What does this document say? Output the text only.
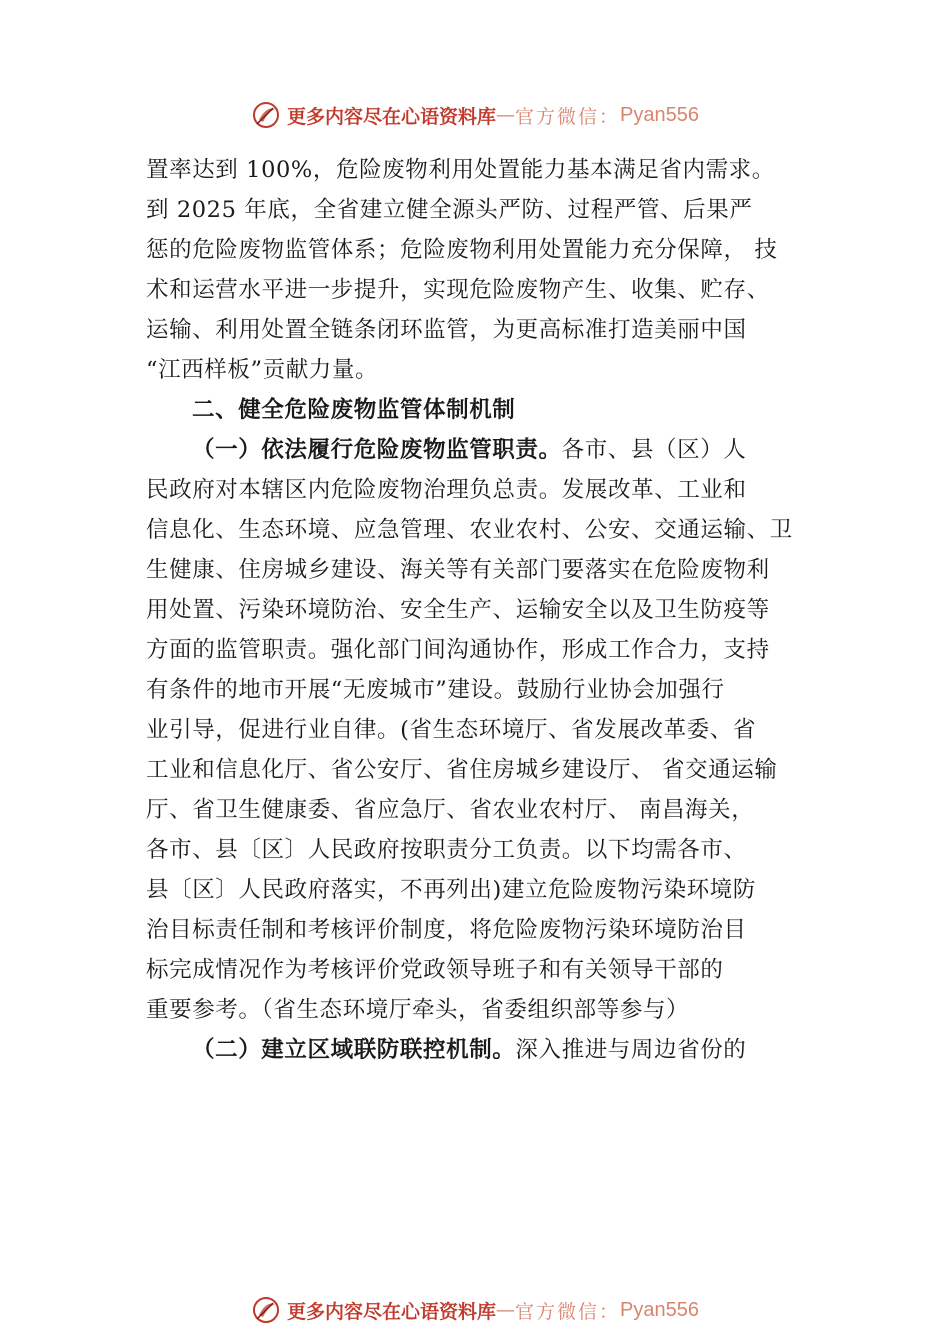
更多内容尽在心语资料库 — 官方微信： Pyan556
置率达到 100%，危险废物利用处置能力基本满足省内需求。
到 2025 年底，全省建立健全源头严防、过程严管、后果严
惩的危险废物监管体系；危险废物利用处置能力充分保障， 技
术和运营水平进一步提升，实现危险废物产生、收集、贮存、
运输、利用处置全链条闭环监管，为更高标准打造美丽中国
“江西样板”贡献力量。
二、健全危险废物监管体制机制
（一）依法履行危险废物监管职责。各市、县（区）人
民政府对本辖区内危险废物治理负总责。发展改革、工业和
信息化、生态环境、应急管理、农业农村、公安、交通运输、卫
生健康、住房城乡建设、海关等有关部门要落实在危险废物利
用处置、污染环境防治、安全生产、运输安全以及卫生防疫等
方面的监管职责。强化部门间沟通协作，形成工作合力，支持
有条件的地市开展“无废城市”建设。鼓励行业协会加强行
业引导，促进行业自律。(省生态环境厅、省发展改革委、省
工业和信息化厅、省公安厅、省住房城乡建设厅、 省交通运输
厅、省卫生健康委、省应急厅、省农业农村厅、 南昌海关，
各市、县〔区〕人民政府按职责分工负责。以下均需各市、
县〔区〕人民政府落实，不再列出)建立危险废物污染环境防
治目标责任制和考核评价制度，将危险废物污染环境防治目
标完成情况作为考核评价党政领导班子和有关领导干部的
重要参考。（省生态环境厅牵头，省委组织部等参与）
（二）建立区域联防联控机制。深入推进与周边省份的
更多内容尽在心语资料库 — 官方微信： Pyan556
